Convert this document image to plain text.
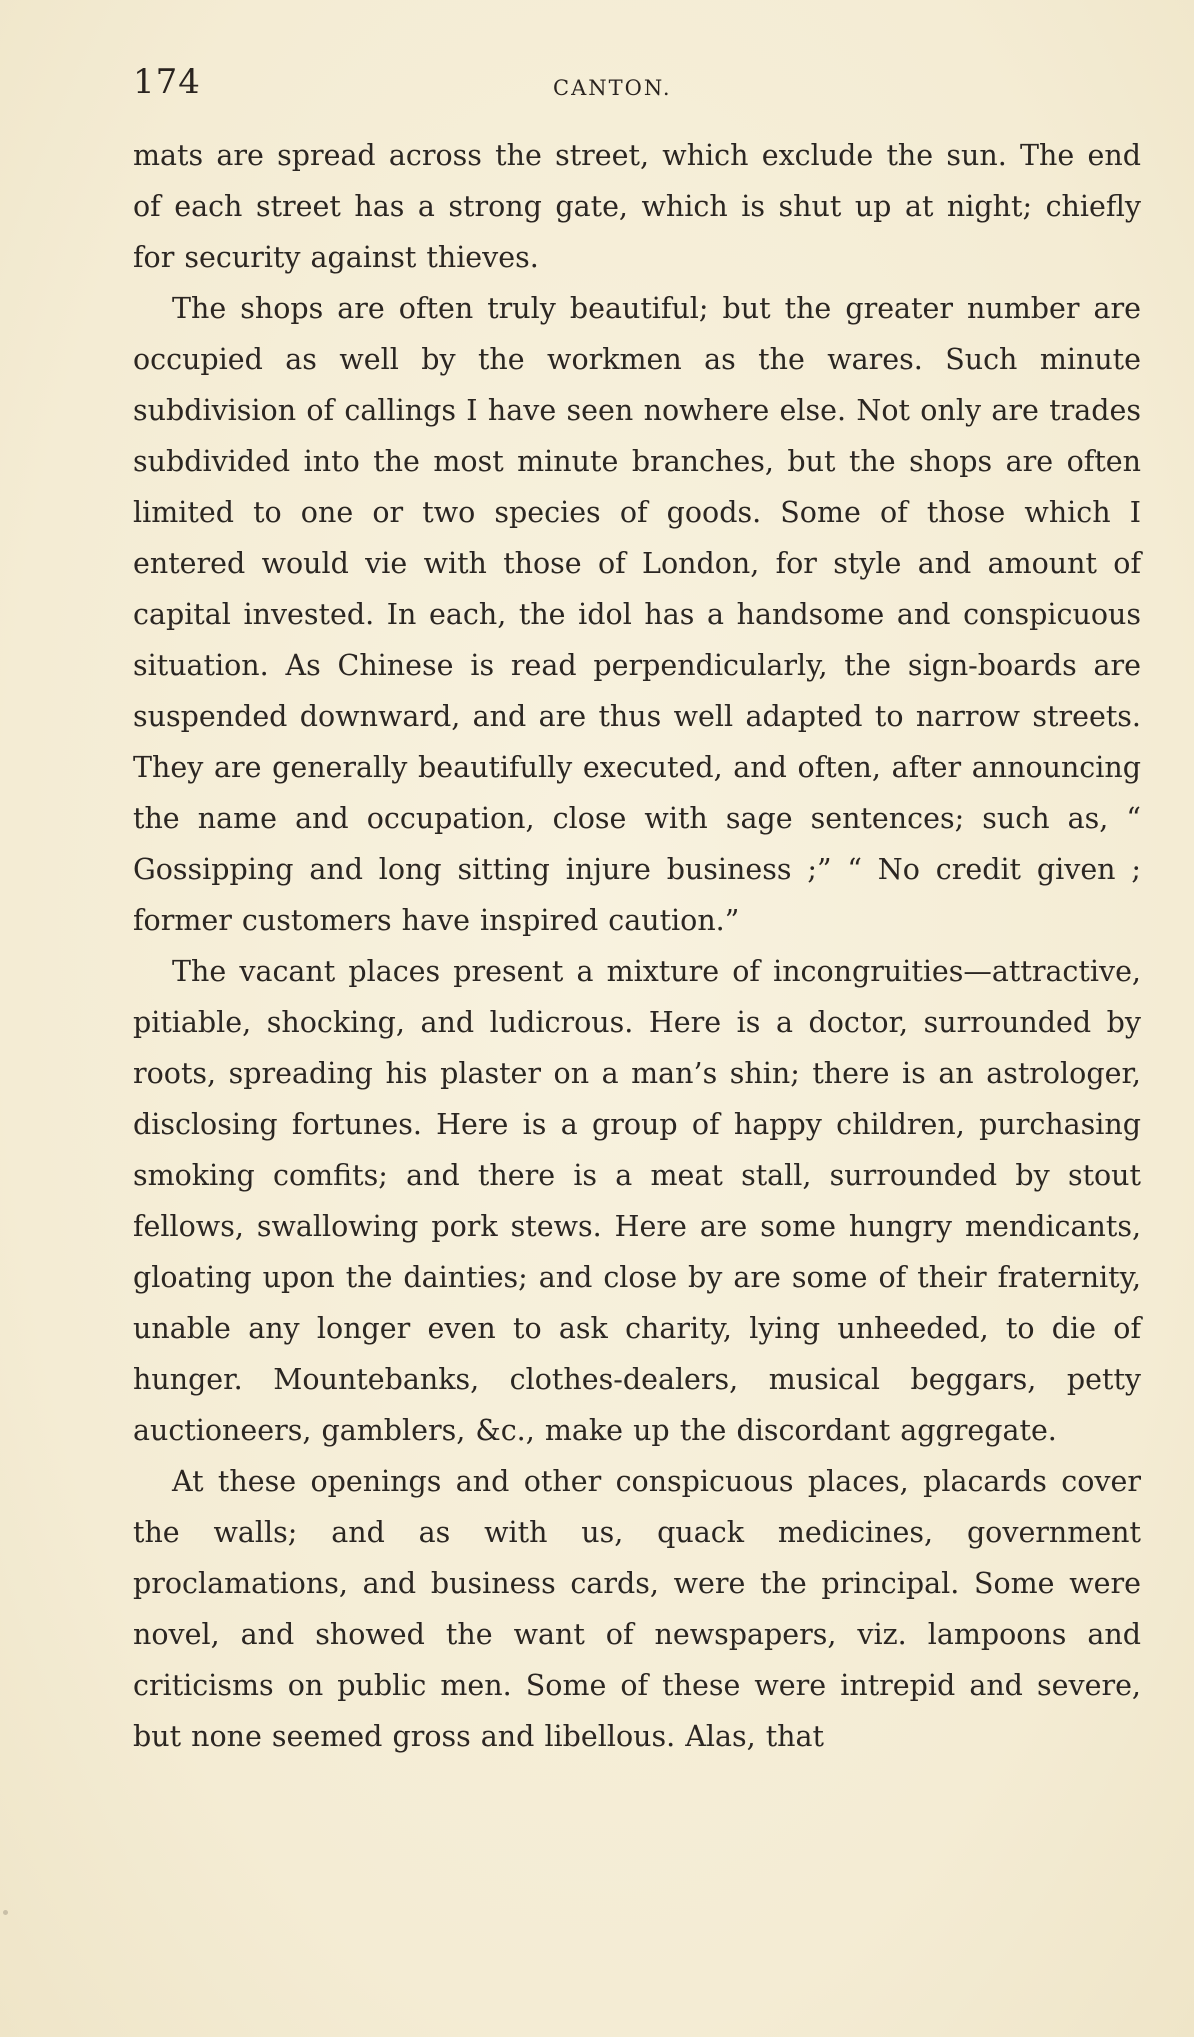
174	CANTON.

mats are spread across the street, which exclude the sun. The end of each street has a strong gate, which is shut up at night; chiefly for security against thieves.

The shops are often truly beautiful; but the greater number are occupied as well by the workmen as the wares. Such minute subdivision of callings I have seen nowhere else. Not only are trades subdivided into the most minute branches, but the shops are often limited to one or two species of goods. Some of those which I entered would vie with those of London, for style and amount of capital invested. In each, the idol has a handsome and conspicuous situation. As Chinese is read perpendicularly, the sign-boards are suspended downward, and are thus well adapted to narrow streets. They are generally beautifully executed, and often, after announcing the name and occupation, close with sage sentences; such as, “ Gossipping and long sitting injure business ;” “ No credit given ; former customers have inspired caution.”

The vacant places present a mixture of incongruities—attractive, pitiable, shocking, and ludicrous. Here is a doctor, surrounded by roots, spreading his plaster on a man’s shin; there is an astrologer, disclosing fortunes. Here is a group of happy children, purchasing smoking comfits; and there is a meat stall, surrounded by stout fellows, swallowing pork stews. Here are some hungry mendicants, gloating upon the dainties; and close by are some of their fraternity, unable any longer even to ask charity, lying unheeded, to die of hunger. Mountebanks, clothes-dealers, musical beggars, petty auctioneers, gamblers, &c., make up the discordant aggregate.

At these openings and other conspicuous places, placards cover the walls; and as with us, quack medicines, government proclamations, and business cards, were the principal. Some were novel, and showed the want of newspapers, viz. lampoons and criticisms on public men. Some of these were intrepid and severe, but none seemed gross and libellous. Alas, that
